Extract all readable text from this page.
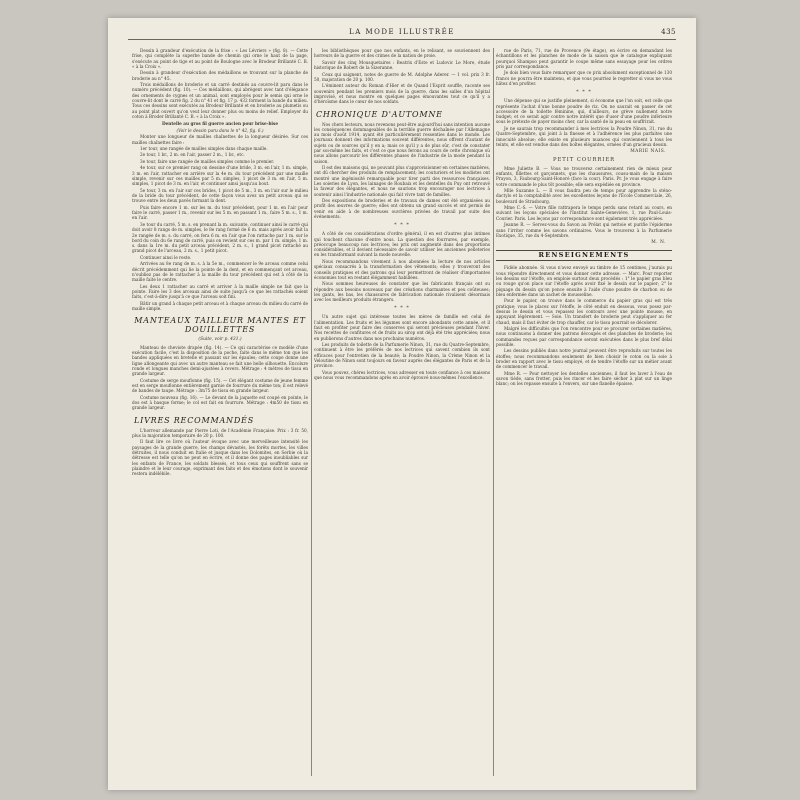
LA MODE ILLUSTRÉE	435

Dessin à grandeur d'exécution de la frise : « Les Lévriers » (fig. 8). — Cette frise, qui complète la superbe bande de chemin qui orne le haut de la page, s'exécute au point de tige et au point de Boulogne avec le Brodeur Brillanté C. B. « à la Croix ».

Dessin à grandeur d'exécution des médaillons se trouvant sur la planche de broderie au n° 45.

Trois médaillons de broderie et un carré destinés au couvre-lit paru dans le numéro précédent (fig. 10). — Ces médaillons, qui abrègent avec tant d'élégance des ornements de cygnes et un animal, sont employés pour le semis qui orne le couvre-lit dont le carré fig. 2 du n° 41 et fig. 17 p. 432 forment la bande du milieu. Tous ces dessins sont exécutés au Brodeur Brillanté et en broderie au plumetis ou au point plat ouvert qu'on veut leur donner plus ou moins de relief. Employer du coton à Broder Brillanté C. B. « à la Croix ».

Dentelle au gros fil guerre ancien pour brise-bise

(Voir le dessin paru dans le n° 42, fig. 6.)

Monter une longueur de mailles chaînettes de la longueur désirée. Sur ces mailles chaînettes faire :

1er tour, une rangée de mailles simples dans chaque maille.

2e tour, 1 br., 2 m. en l'air, passer 2 m., 1 br., etc.

3e tour, faire une rangée de mailles simples comme le premier.

4e tour, sur ce premier rang on dessine d'une bride, 3 m. en l'air, 1 m. simple, 3 m. en l'air, rattacher en arrière sur la 4e m. du tour précédent par une maille simple, revenir sur ces mailles par 5 m. simples, 1 picot de 3 m. en l'air, 5 m. simples, 1 picot de 3 m. en l'air, et continuer ainsi jusqu'au bout.

5e tour, 3 m. en l'air sur ces brides, 1 picot de 5 m., 3 m. en l'air sur le milieu de la bride du tour précédent, de cette façon vous avez un petit arceau qui se trouve entre les deux pavés formant la dent.

Puis faire encore 1 m. sur les m. du tour précédent, pour 1 m. en l'air pour faire le carré, passer 1 m., revenir sur les 5 m. en passant 1 m., faire 5 m. s., 1 m. en l'air.

3e tour du carré, 5 m. s. en prenant la m. suivante, continuer ainsi le carré qui doit avoir 8 rangs de m. simples, le 8e rang formé de 6 m. mais après avoir fait la 2e rangée de m. s. du carré, on fera 6 m. en l'air que l'on rattache par 1 m. sur le bord du coin du 6e rang de carré, puis on revient sur ces m. par 1 m. simple, 1 m. s. dans la 1re m. du petit arceau précédent, 2 m. s., 1 grand picot rattaché au grand picot de l'arceau, 2 m. s., 1 petit picot.

Continuer ainsi le reste.

Arrivées au 8e rang de m. s. à la 5e m., commencer le 9e arceau comme celui décrit précédemment qui lie la pointe de la dent, et en commençant cet arceau, n'oubliez pas de le rattacher à la maille du tour précédent qui est à côté de la maille faite le centre.

Les deux 1 rattacher au carré et arriver à la maille simple ne fait que la pointe. Faire les 3 des arceaux ainsi de suite jusqu'à ce que les rattachés soient faits, c'est-à-dire jusqu'à ce que l'arceau soit fini.

Bâtir un grand à chaque petit arceau et à chaque arceau du milieu du carré de maille simple.

MANTEAUX TAILLEUR MANTES ET DOUILLETTES
(Suite, voir p. 431.)

Manteau de cheviote drapée (fig. 14). — Ce qui caractérise ce modèle d'une exécution facile, c'est la disposition de la poche, faite dans le même ton que les bandes appliquées en bretelle et passant sur les épaules; cette coupe donne une ligne allongeante qui avec un autre manteau se fait une belle silhouette. Encolure ronde et longues manches demi-ajustées à revers. Métrage : 4 mètres de tissu en grande largeur.

Costume de serge mouflonne (fig. 15). — Cet élégant costume de jeune femme est en serge mouflonne entièrement garnie de fourrure du même ton; il est relevé de bandes de taupe. Métrage : 3m75 de tissu en grande largeur.

Costume nouveau (fig. 16). — Le devant de la jaquette est coupé en pointe, le dos est à basque forme; le col est fait en fourrure. Métrage : 4m50 de tissu en grande largeur.

LIVRES RECOMMANDÉS

L'horreur allemande par Pierre Loti, de l'Académie Française. Prix : 3 fr. 50, plus la majoration temporaire de 20 p. 100.

Il faut lire ce livre où l'auteur évoque avec une merveilleuse intensité les paysages de la grande guerre, les champs dévastés, les forêts mortes, les villes détruites, il nous conduit en Italie et jusque dans les Dolomites, en Serbie où la détresse est telle qu'on ne peut en écrire, et il donne des pages inoubliables sur les enfants de France, les soldats blessés, et tous ceux qui souffrent sans se plaindre et le leur courage, exprimant des faits et des émotions dont le souvenir restera indélébile.

les bibliothèques pour que nos enfants, en le relisant, se souviennent des horreurs de la guerre et des crimes de la nation de proie.

Savoir des cinq Mousquetaires : Beatrix d'Este et Ludovic Le More, étude historique de Robert de la Sizeranne.

Ceux qui saignent, notes de guerre de M. Adolphe Aderer. — 1 vol. prix 3 fr. 50, majoration de 20 p. 100.

L'éminent auteur du Roman d'Hier et de Quand l'Esprit souffle, raconte ses souvenirs pendant les premiers mois de la guerre, dans les salles d'un hôpital improvisé, et nous montre en quelques pages émouvantes tout ce qu'il y a d'héroïsme dans le cœur de nos soldats.

CHRONIQUE D'AUTOMNE

Nos chers lecteurs, nous revenons peut-être aujourd'hui sans intention aucune les conséquences dommageables de la terrible guerre déchaînée par l'Allemagne au mois d'août 1914, ayant été particulièrement ressenties dans le monde. Les journaux donnent des informations souvent différentes, nous offrent d'autant de sujets ou de sources qu'il y en a; mais ce qu'il y a de plus sûr, c'est de constater par soi-même les faits, et c'est ce que nous ferons au cours de cette chronique où nous allons parcourir les différentes phases de l'industrie de la mode pendant la saison.

Il est des maisons qui, ne pouvant plus s'approvisionner en certaines matières, ont dû chercher des produits de remplacement; les couturiers et les modistes ont montré une ingéniosité remarquable pour tirer parti des ressources françaises. Les soieries de Lyon, les lainages de Roubaix et les dentelles du Puy ont retrouvé la faveur des élégantes, et nous ne saurions trop encourager nos lectrices à soutenir ainsi l'industrie nationale qui fait vivre tant de familles.

Des expositions de broderies et de travaux de dames ont été organisées au profit des œuvres de guerre; elles ont obtenu un grand succès et ont permis de venir en aide à de nombreuses ouvrières privées de travail par suite des événements.

* * *

A côté de ces considérations d'ordre général, il en est d'autres plus intimes qui touchent chacune d'entre nous. La question des fourrures, par exemple, préoccupe beaucoup nos lectrices; les prix ont augmenté dans des proportions considérables, et il devient nécessaire de savoir utiliser les anciennes pelleteries en les transformant suivant la mode nouvelle.

Nous recommandons vivement à nos abonnées la lecture de nos articles spéciaux consacrés à la transformation des vêtements; elles y trouveront des conseils pratiques et des patrons qui leur permettront de réaliser d'importantes économies tout en restant élégamment habillées.

Nous sommes heureuses de constater que les fabricants français ont su répondre aux besoins nouveaux par des créations charmantes et peu coûteuses; les gants, les bas, les chaussures de fabrication nationale rivalisent désormais avec les meilleurs produits étrangers.

* * *

Un autre sujet qui intéresse toutes les mères de famille est celui de l'alimentation. Les fruits et les légumes sont encore abondants cette année, et il faut en profiter pour faire des conserves qui seront précieuses pendant l'hiver. Nos recettes de confitures et de fruits au sirop ont déjà été très appréciées; nous en publierons d'autres dans nos prochains numéros.

Les produits de toilette de la Parfumerie Ninon, 31, rue du Quatre-Septembre, continuent à être les préférés de nos lectrices qui savent combien ils sont efficaces pour l'entretien de la beauté; la Poudre Ninon, la Crème Ninon et la Veloutine de Ninon sont toujours en faveur auprès des élégantes de Paris et de la province.

Vous pouvez, chères lectrices, vous adresser en toute confiance à ces maisons que nous vous recommandons après en avoir éprouvé nous-mêmes l'excellence.

rue de Paris, 71, rue de Provence (9e étage), en écrire en demandant les échantillons et les planches de mode de la saison que le catalogue expliquant pourquoi Shampoo peut garantir le coupe même sans essayage pour les ordres pris par correspondance.

Je dois bien vous faire remarquer que ce prix absolument exceptionnel de 130 francs ne pourra être maintenu, et que vous pourriez le regretter si vous ne vous hâtez d'en profiter.

* * *

Une dépense qui se justifie pleinement, si économe que l'on soit, est celle que représente l'achat d'une bonne poudre de riz. On ne saurait en passer de cet accessoire de la toilette féminine, qui, d'ailleurs, ne grève nullement notre budget; et ce serait agir contre notre intérêt que d'user d'une poudre inférieure sous le prétexte de payer moins cher, car la santé de la peau en souffrirait.

Je ne saurais trop recommander à mes lectrices la Poudre Ninon, 31, rue du Quatre-Septembre, qui joint à la finesse et à l'adhérence les plus parfaites une innocuité absolue; elle existe en plusieurs nuances qui conviennent à tous les teints, et elle est vendue dans des boîtes élégantes, ornées d'un gracieux dessin.

MARIE NAIS.
PETIT COURRIER

Mme Juliette B. — Vous ne trouverez certainement rien de mieux pour enfants, fillettes et garçonnets, que les chaussures, cousu-main de la maison Prayon, 3, Faubourg-Saint-Honoré (face la cour). Paris. Pr. Je vous engage à faire votre commande le plus tôt possible; elle sera expédiée en province.

Mlle Suzanne L. — Il vous faudra peu de temps pour apprendre la sténo-dactylo et la comptabilité avec les excellentes leçons de l'École Commerciale, 26, boulevard de Strasbourg.

Mme C.-S. — Votre fille rattrapera le temps perdu sans retard au cours, en suivant les leçons spéciales de l'Institut Sainte-Geneviève, 1, rue Paul-Louis-Courier. Paris. Les leçons par correspondance sont également très appréciées.

Jeanne R. — Servez-vous du Savon au Prélat qui nettoie et purifie l'épiderme sans l'irriter comme les savons ordinaires. Vous le trouverez à la Parfumerie Exotique, 35, rue du 4-Septembre.

M. N.
RENSEIGNEMENTS

Fidèle abonnée. Si vous n'avez envoyé au timbre de 15 centimes, j'aurais pu vous répondre directement et vous donner cette adresse. — Marc. Pour reporter les dessins sur l'étoffe, on emploie surtout deux procédés : 1° le papier gras bleu ou rouge qu'on place sur l'étoffe après avoir fixé le dessin sur le papier; 2° le piquage du dessin qu'on ponce ensuite à l'aide d'une poudre de charbon ou de bleu enfermée dans un sachet de mousseline.

Pour le papier, on trouve dans le commerce du papier gras qui est très pratique; vous le placez sur l'étoffe, le côté enduit en dessous, vous posez par-dessus le dessin et vous repassez les contours avec une pointe mousse, en appuyant légèrement. — Soie. Un transfert de broderie peut s'appliquer au fer chaud, mais il faut éviter de trop chauffer, car le tissu pourrait se décolorer.

Malgré les difficultés que l'on rencontre pour se procurer certaines matières, nous continuons à donner des patrons découpés et des planches de broderie; les commandes reçues par correspondance seront exécutées dans le plus bref délai possible.

Les dessins publiés dans notre journal peuvent être reproduits sur toutes les étoffes; nous recommandons seulement de bien choisir le coton ou la soie à broder en rapport avec le tissu employé, et de tendre l'étoffe sur un métier avant de commencer le travail.

Mme R. — Pour nettoyer les dentelles anciennes, il faut les laver à l'eau de savon tiède, sans frotter, puis les rincer et les faire sécher à plat sur un linge blanc; on les repasse ensuite à l'envers, sur une flanelle épaisse.
